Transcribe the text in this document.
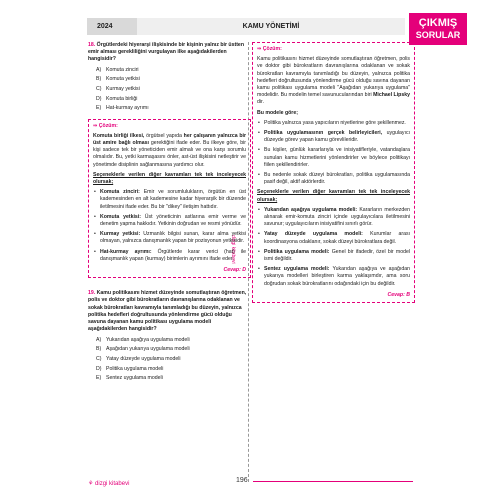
2024	KAMU YÖNETİMİ	ÇIKMIŞ
SORULAR
dizgi kitabevi
18. Örgütlerdeki hiyerarşi ilişkisinde bir kişinin yalnız bir üstten emir alması gerekliliğini vurgulayan ilke aşağıdakilerden hangisidir?
A) Komuta zinciri
B) Komuta yetkisi
C) Kurmay yetkisi
D) Komuta birliği
E) Hat-kurmay ayrımı
⇒ Çözüm:
Komuta birliği ilkesi, örgütsel yapıda her çalışanın yalnızca bir üst amire bağlı olması gerektiğini ifade eder. Bu ilkeye göre, bir kişi sadece tek bir yöneticiden emir almalı ve ona karşı sorumlu olmalıdır. Bu, yetki karmaşasını önler, ast-üst ilişkisini netleştirir ve yönetimde disiplinin sağlanmasına yardımcı olur.
Seçeneklerle verilen diğer kavramları tek tek inceleyecek olursak;
• Komuta zinciri: Emir ve sorumlulukların, örgütün en üst kademesinden en alt kademesine kadar hiyerarşik bir düzende iletilmesini ifade eder. Bu bir "dikey" iletişim hattıdır.
• Komuta yetkisi: Üst yöneticinin astlarına emir verme ve denetim yapma hakkıdır. Yetkinin doğrudan ve resmi yönüdür.
• Kurmay yetkisi: Uzmanlık bilgisi sunan, karar alma yetkisi olmayan, yalnızca danışmanlık yapan bir pozisyonun yetkisidir.
• Hat-kurmay ayrımı: Örgütlerde karar verici (hat) ile danışmanlık yapan (kurmay) birimlerin ayrımını ifade eder.
Cevap: D
19. Kamu politikasını hizmet düzeyinde somutlaştıran öğretmen, polis ve doktor gibi bürokratların davranışlarına odaklanan ve sokak bürokratları kavramıyla tanımladığı bu düzeyin, yalnızca politika hedefleri doğrultusunda yönlendirme gücü olduğu savuna dayanan kamu politikası uygulama modeli aşağıdakilerden hangisidir?
A) Yukarıdan aşağıya uygulama modeli
B) Aşağıdan yukarıya uygulama modeli
C) Yatay düzeyde uygulama modeli
D) Politika uygulama modeli
E) Sentez uygulama modeli
⇒ Çözüm:
Kamu politikasını hizmet düzeyinde somutlaştıran öğretmen, polis ve doktor gibi bürokratların davranışlarına odaklanan ve sokak bürokratları kavramıyla tanımladığı bu düzeyin, yalnızca politika hedefleri doğrultusunda yönlendirme gücü olduğu savına dayanan kamu politikası uygulama modeli "Aşağıdan yukarıya uygulama" modelidir. Bu modelin temel savunucularından biri Michael Lipsky dir.
Bu modele göre;
• Politika yalnızca yasa yapıcıların niyetlerine göre şekillenmez.
• Politika uygulamasının gerçek belirleyicileri, uygulayıcı düzeyde görev yapan kamu görevlileridir.
• Bu kişiler, günlük kararlarıyla ve inisiyatifleriyle, vatandaşlara sunulan kamu hizmetlerini yönlendirirler ve böylece politikayı fiilen şekillendirirler.
• Bu nedenle sokak düzeyi bürokratları, politika uygulamasında pasif değil, aktif aktörlerdir.
Seçeneklerle verilen diğer kavramları tek tek inceleyecek olursak;
• Yukarıdan aşağıya uygulama modeli: Kararların merkezden alınarak emir-komuta zinciri içinde uygulayıcılara iletilmesini savunur; uygulayıcıların inisiyatifini sınırlı görür.
• Yatay düzeyde uygulama modeli: Kurumlar arası koordinasyona odaklanır, sokak düzeyi bürokratlara değil.
• Politika uygulama modeli: Genel bir ifadedir, özel bir model ismi değildir.
• Sentez uygulama modeli: Yukarıdan aşağıya ve aşağıdan yukarıya modelleri birleştiren karma yaklaşımdır, ama soru doğrudan sokak bürokratlarını odağındaki için bu değildir.
Cevap: B
⚘ dizgi kitabevi	196
